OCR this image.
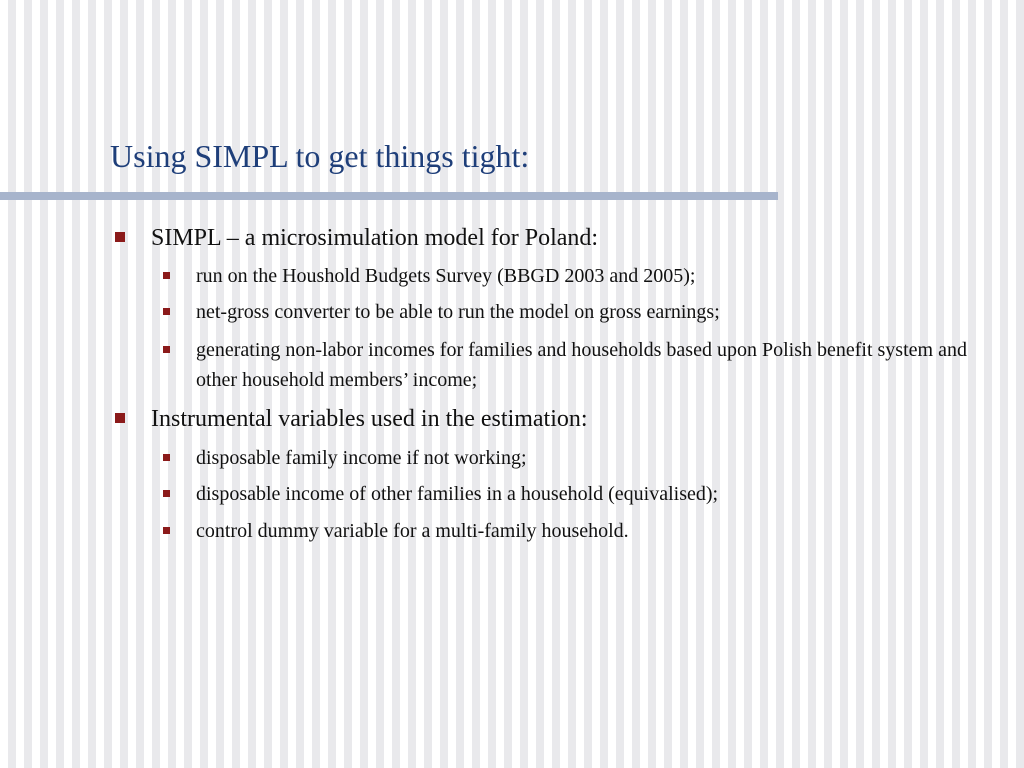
Using SIMPL to get things tight:
SIMPL – a microsimulation model for Poland:
run on the Houshold Budgets Survey (BBGD 2003 and 2005);
net-gross converter to be able to run the model on gross earnings;
generating non-labor incomes for families and households based upon Polish benefit system and other household members’ income;
Instrumental variables used in the estimation:
disposable family income if not working;
disposable income of other families in a household (equivalised);
control dummy variable for a multi-family household.
